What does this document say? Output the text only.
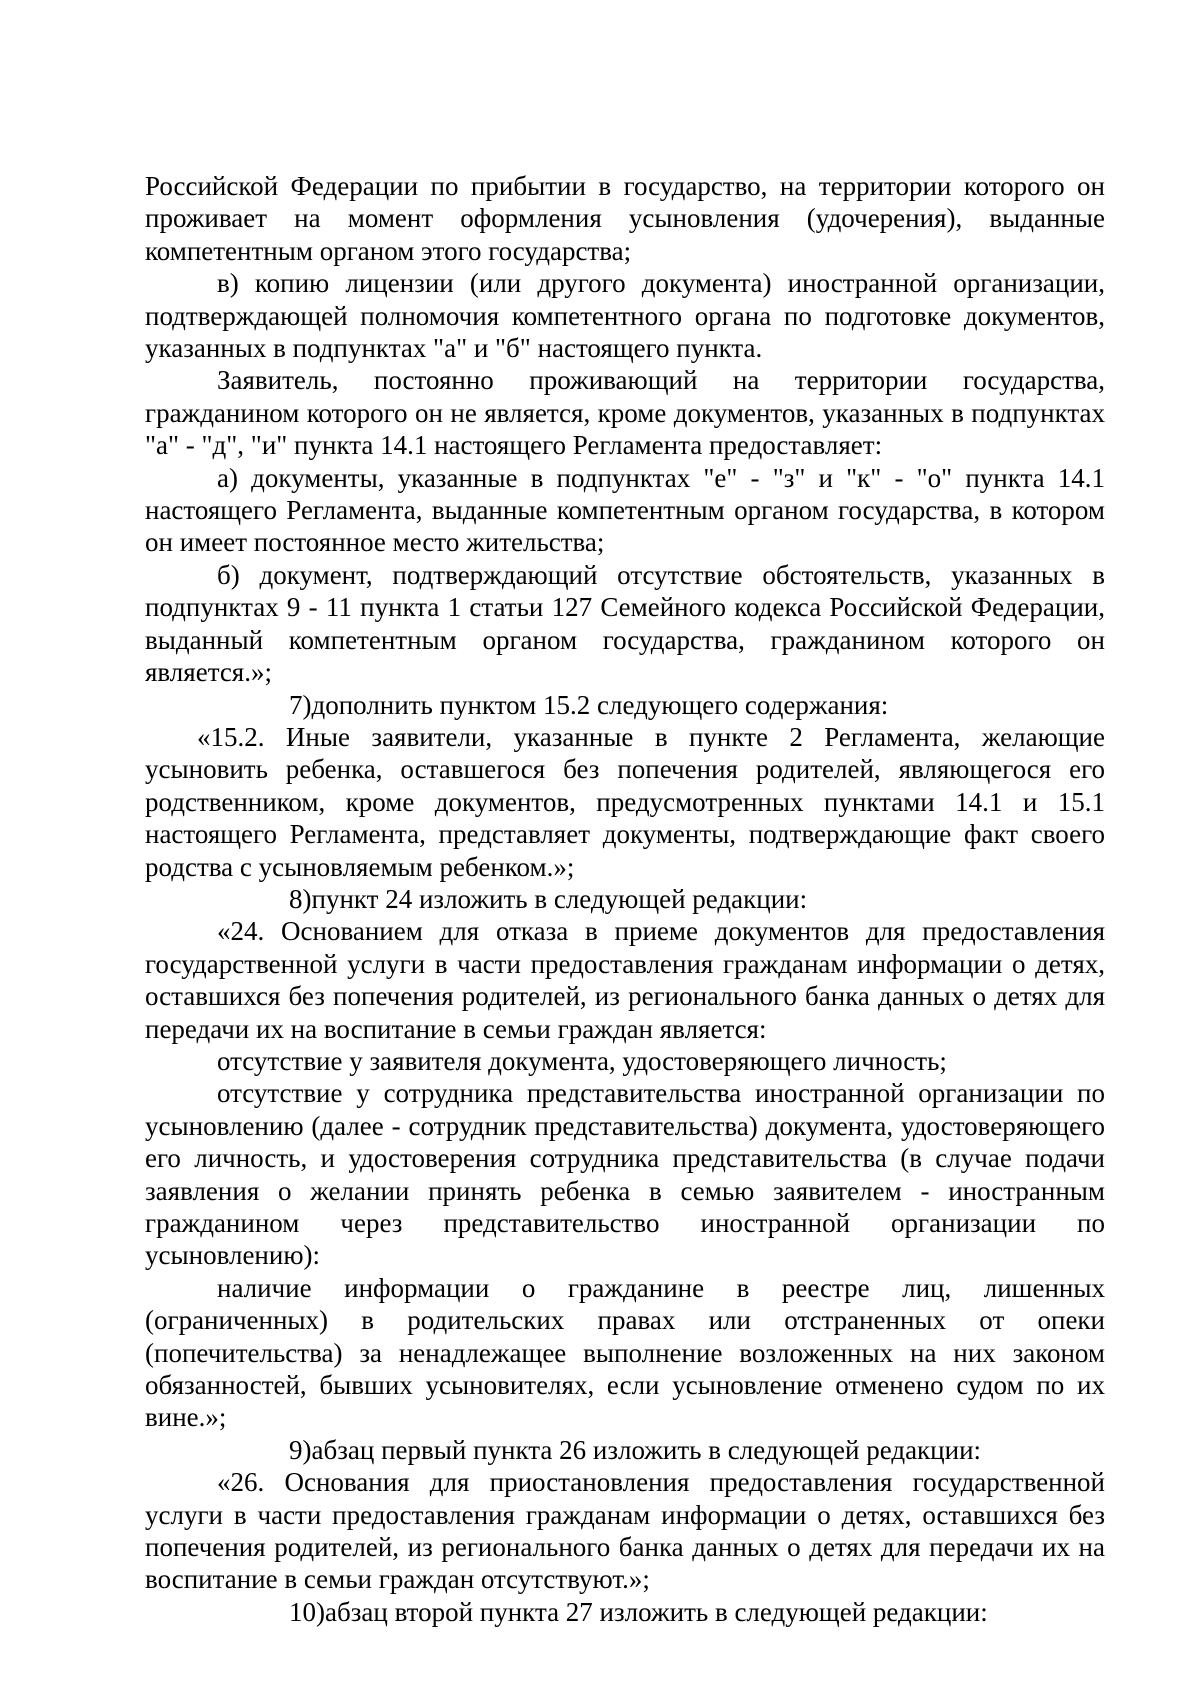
Российской Федерации по прибытии в государство, на территории которого он проживает на момент оформления усыновления (удочерения), выданные компетентным органом этого государства;

в) копию лицензии (или другого документа) иностранной организации, подтверждающей полномочия компетентного органа по подготовке документов, указанных в подпунктах "а" и "б" настоящего пункта.

Заявитель, постоянно проживающий на территории государства, гражданином которого он не является, кроме документов, указанных в подпунктах "а" - "д", "и" пункта 14.1 настоящего Регламента предоставляет:

а) документы, указанные в подпунктах "е" - "з" и "к" - "о" пункта 14.1 настоящего Регламента, выданные компетентным органом государства, в котором он имеет постоянное место жительства;

б) документ, подтверждающий отсутствие обстоятельств, указанных в подпунктах 9 - 11 пункта 1 статьи 127 Семейного кодекса Российской Федерации, выданный компетентным органом государства, гражданином которого он является.»;

7)дополнить пунктом 15.2 следующего содержания:

«15.2. Иные заявители, указанные в пункте 2 Регламента, желающие усыновить ребенка, оставшегося без попечения родителей, являющегося его родственником, кроме документов, предусмотренных пунктами 14.1 и 15.1 настоящего Регламента, представляет документы, подтверждающие факт своего родства с усыновляемым ребенком.»;

8)пункт 24 изложить в следующей редакции:

«24. Основанием для отказа в приеме документов для предоставления государственной услуги в части предоставления гражданам информации о детях, оставшихся без попечения родителей, из регионального банка данных о детях для передачи их на воспитание в семьи граждан является:

отсутствие у заявителя документа, удостоверяющего личность;

отсутствие у сотрудника представительства иностранной организации по усыновлению (далее - сотрудник представительства) документа, удостоверяющего его личность, и удостоверения сотрудника представительства (в случае подачи заявления о желании принять ребенка в семью заявителем - иностранным гражданином через представительство иностранной организации по усыновлению):

наличие информации о гражданине в реестре лиц, лишенных (ограниченных) в родительских правах или отстраненных от опеки (попечительства) за ненадлежащее выполнение возложенных на них законом обязанностей, бывших усыновителях, если усыновление отменено судом по их вине.»;

9)абзац первый пункта 26 изложить в следующей редакции:

«26. Основания для приостановления предоставления государственной услуги в части предоставления гражданам информации о детях, оставшихся без попечения родителей, из регионального банка данных о детях для передачи их на воспитание в семьи граждан отсутствуют.»;

10)абзац второй пункта 27 изложить в следующей редакции:
